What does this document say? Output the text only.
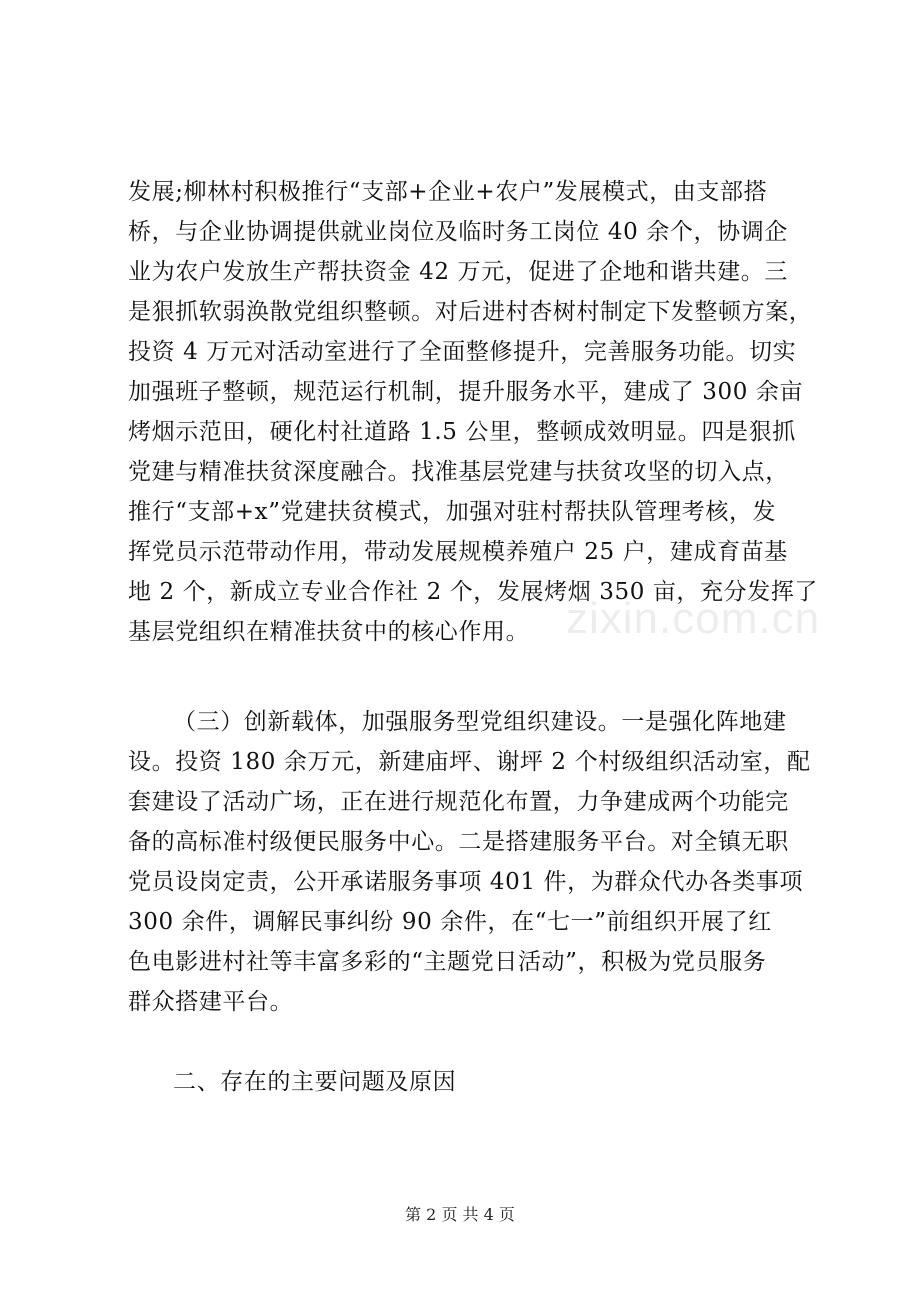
zixin.com.cn
发展;柳林村积极推行“支部+企业+农户”发展模式，由支部搭
桥，与企业协调提供就业岗位及临时务工岗位 40 余个，协调企
业为农户发放生产帮扶资金 42 万元，促进了企地和谐共建。三
是狠抓软弱涣散党组织整顿。对后进村杏树村制定下发整顿方案，
投资 4 万元对活动室进行了全面整修提升，完善服务功能。切实
加强班子整顿，规范运行机制，提升服务水平，建成了 300 余亩
烤烟示范田，硬化村社道路 1.5 公里，整顿成效明显。四是狠抓
党建与精准扶贫深度融合。找准基层党建与扶贫攻坚的切入点，
推行“支部+x”党建扶贫模式，加强对驻村帮扶队管理考核，发
挥党员示范带动作用，带动发展规模养殖户 25 户，建成育苗基
地 2 个，新成立专业合作社 2 个，发展烤烟 350 亩，充分发挥了
基层党组织在精准扶贫中的核心作用。
（三）创新载体，加强服务型党组织建设。一是强化阵地建
设。投资 180 余万元，新建庙坪、谢坪 2 个村级组织活动室，配
套建设了活动广场，正在进行规范化布置，力争建成两个功能完
备的高标准村级便民服务中心。二是搭建服务平台。对全镇无职
党员设岗定责，公开承诺服务事项 401 件，为群众代办各类事项
300 余件，调解民事纠纷 90 余件，在“七一”前组织开展了红
色电影进村社等丰富多彩的“主题党日活动”，积极为党员服务
群众搭建平台。
二、存在的主要问题及原因
第 2 页 共 4 页
